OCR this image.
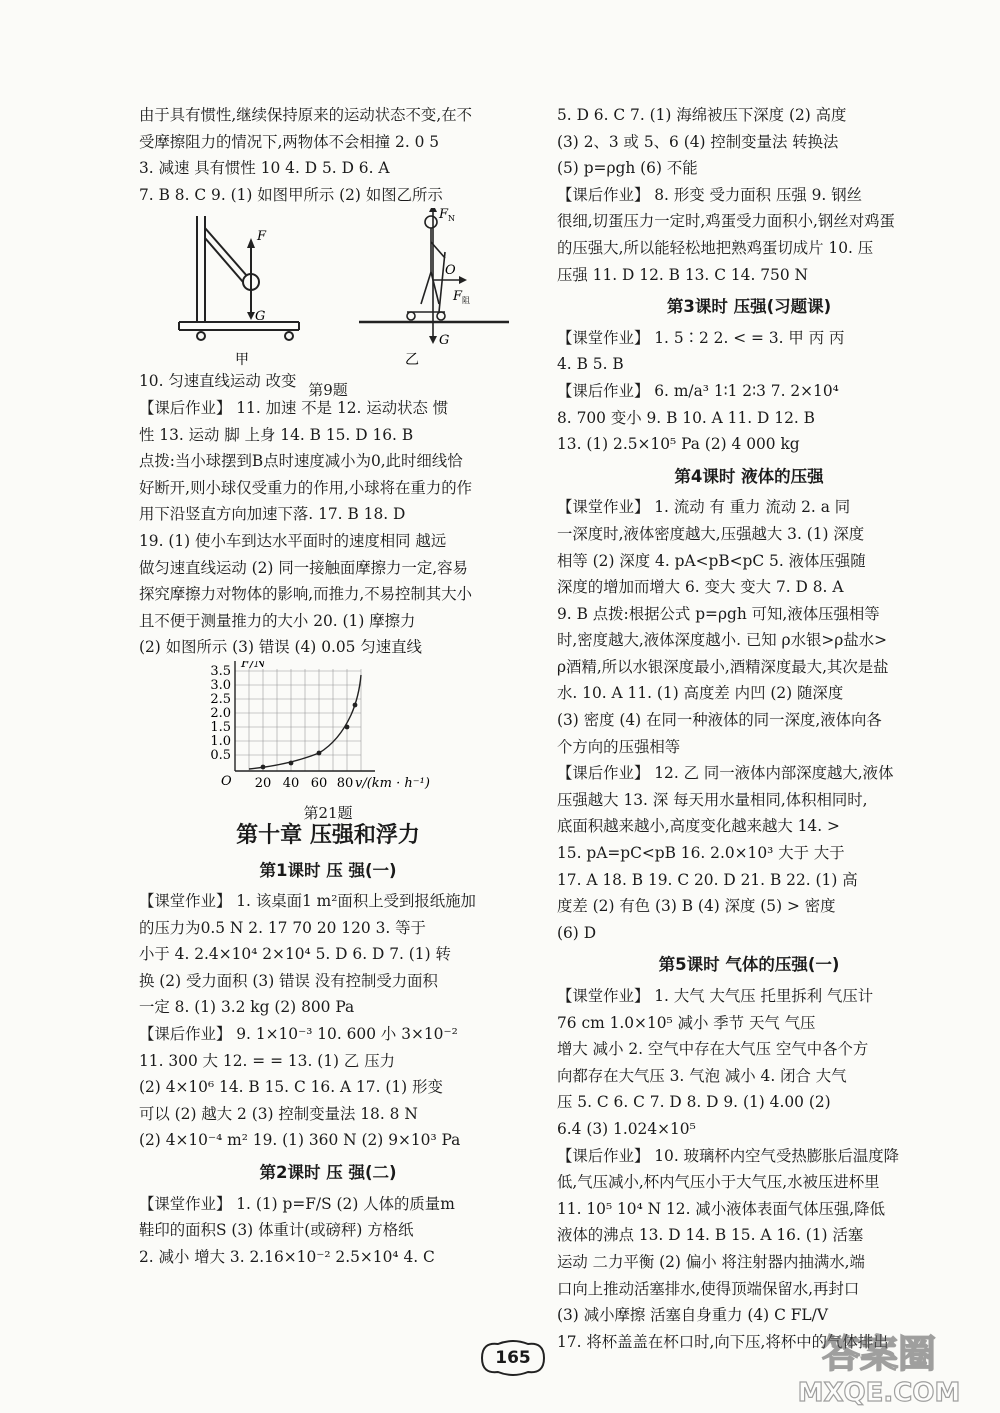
由于具有惯性,继续保持原来的运动状态不变,在不

受摩擦阻力的情况下,两物体不会相撞 2. 0 5

3. 减速 具有惯性 10 4. D 5. D 6. A

7. B 8. C 9. (1) 如图甲所示 (2) 如图乙所示

F
G
F N
O
F 阻
G
甲	乙
第9题

10. 匀速直线运动 改变

【课后作业】 11. 加速 不是 12. 运动状态 惯

性 13. 运动 脚 上身 14. B 15. D 16. B

点拨:当小球摆到B点时速度减小为0,此时细线恰

好断开,则小球仅受重力的作用,小球将在重力的作

用下沿竖直方向加速下落. 17. B 18. D

19. (1) 使小车到达水平面时的速度相同 越远

做匀速直线运动 (2) 同一接触面摩擦力一定,容易

探究摩擦力对物体的影响,而推力,不易控制其大小

且不便于测量推力的大小 20. (1) 摩擦力

(2) 如图所示 (3) 错误 (4) 0.05 匀速直线

F/N
O
3.5
3.0
2.5
2.0
1.5
1.0
0.5
20 40 60 80 v/(km · h⁻¹)
第21题
第十章 压强和浮力
第1课时 压 强(一)

【课堂作业】 1. 该桌面1 m²面积上受到报纸施加

的压力为0.5 N 2. 17 70 20 120 3. 等于

小于 4. 2.4×10⁴ 2×10⁴ 5. D 6. D 7. (1) 转

换 (2) 受力面积 (3) 错误 没有控制受力面积

一定 8. (1) 3.2 kg (2) 800 Pa

【课后作业】 9. 1×10⁻³ 10. 600 小 3×10⁻²

11. 300 大 12. = = 13. (1) 乙 压力

(2) 4×10⁶ 14. B 15. C 16. A 17. (1) 形变

可以 (2) 越大 2 (3) 控制变量法 18. 8 N

(2) 4×10⁻⁴ m² 19. (1) 360 N (2) 9×10³ Pa

第2课时 压 强(二)

【课堂作业】 1. (1) p=F/S (2) 人体的质量m

鞋印的面积S (3) 体重计(或磅秤) 方格纸

2. 减小 增大 3. 2.16×10⁻² 2.5×10⁴ 4. C

5. D 6. C 7. (1) 海绵被压下深度 (2) 高度

(3) 2、3 或 5、6 (4) 控制变量法 转换法

(5) p=ρgh (6) 不能

【课后作业】 8. 形变 受力面积 压强 9. 钢丝

很细,切蛋压力一定时,鸡蛋受力面积小,钢丝对鸡蛋

的压强大,所以能轻松地把熟鸡蛋切成片 10. 压

压强 11. D 12. B 13. C 14. 750 N

第3课时 压强(习题课)

【课堂作业】 1. 5∶2 2. < = 3. 甲 丙 丙

4. B 5. B

【课后作业】 6. m/a³ 1∶1 2∶3 7. 2×10⁴

8. 700 变小 9. B 10. A 11. D 12. B

13. (1) 2.5×10⁵ Pa (2) 4 000 kg

第4课时 液体的压强

【课堂作业】 1. 流动 有 重力 流动 2. a 同

一深度时,液体密度越大,压强越大 3. (1) 深度

相等 (2) 深度 4. pA<pB<pC 5. 液体压强随

深度的增加而增大 6. 变大 变大 7. D 8. A

9. B 点拨:根据公式 p=ρgh 可知,液体压强相等

时,密度越大,液体深度越小. 已知 ρ水银>ρ盐水>

ρ酒精,所以水银深度最小,酒精深度最大,其次是盐

水. 10. A 11. (1) 高度差 内凹 (2) 随深度

(3) 密度 (4) 在同一种液体的同一深度,液体向各

个方向的压强相等

【课后作业】 12. 乙 同一液体内部深度越大,液体

压强越大 13. 深 每天用水量相同,体积相同时,

底面积越来越小,高度变化越来越大 14. >

15. pA=pC<pB 16. 2.0×10³ 大于 大于

17. A 18. B 19. C 20. D 21. B 22. (1) 高

度差 (2) 有色 (3) B (4) 深度 (5) > 密度

(6) D

第5课时 气体的压强(一)

【课堂作业】 1. 大气 大气压 托里拆利 气压计

76 cm 1.0×10⁵ 减小 季节 天气 气压

增大 减小 2. 空气中存在大气压 空气中各个方

向都存在大气压 3. 气泡 减小 4. 闭合 大气

压 5. C 6. C 7. D 8. D 9. (1) 4.00 (2)

6.4 (3) 1.024×10⁵

【课后作业】 10. 玻璃杯内空气受热膨胀后温度降

低,气压减小,杯内气压小于大气压,水被压进杯里

11. 10⁵ 10⁴ N 12. 减小液体表面气体压强,降低

液体的沸点 13. D 14. B 15. A 16. (1) 活塞

运动 二力平衡 (2) 偏小 将注射器内抽满水,端

口向上推动活塞排水,使得顶端保留水,再封口

(3) 减小摩擦 活塞自身重力 (4) C FL/V

17. 将杯盖盖在杯口时,向下压,将杯中的气体排出

165	答案圈
MXQE.COM
